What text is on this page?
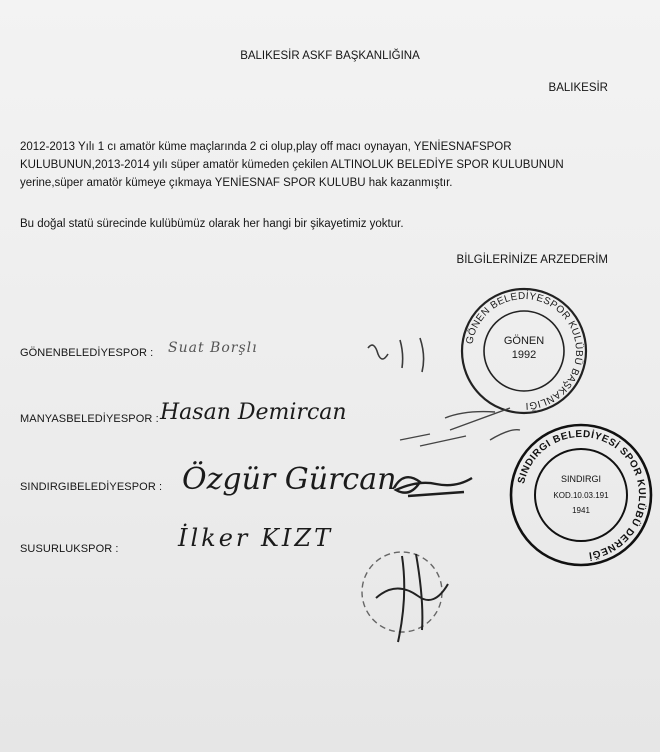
BALIKESİR ASKF BAŞKANLIĞINA
BALIKESİR

2012-2013 Yılı 1 cı amatör küme maçlarında 2 ci olup,play off macı oynayan, YENİESNAFSPOR

KULUBUNUN,2013-2014 yılı süper amatör kümeden çekilen ALTINOLUK BELEDİYE SPOR KULUBUNUN

yerine,süper amatör kümeye çıkmaya YENİESNAF SPOR KULUBU hak kazanmıştır.

Bu doğal statü sürecinde kulübümüz olarak her hangi bir şikayetimiz yoktur.
BİLGİLERİNİZE ARZEDERİM
GÖNENBELEDİYESPOR : Suat Borşlı
MANYASBELEDİYESPOR : Hasan Demircan
SINDIRGIBELEDİYESPOR : Özgür Gürcan
SUSURLUKSPOR : İlker KIZT
GÖNEN BELEDİYESPOR KULÜBÜ BAŞKANLIĞI
GÖNEN
1992
SINDIRGI BELEDİYESİ SPOR KULÜBÜ DERNEĞİ
SINDIRGI
KOD.10.03.191
1941
